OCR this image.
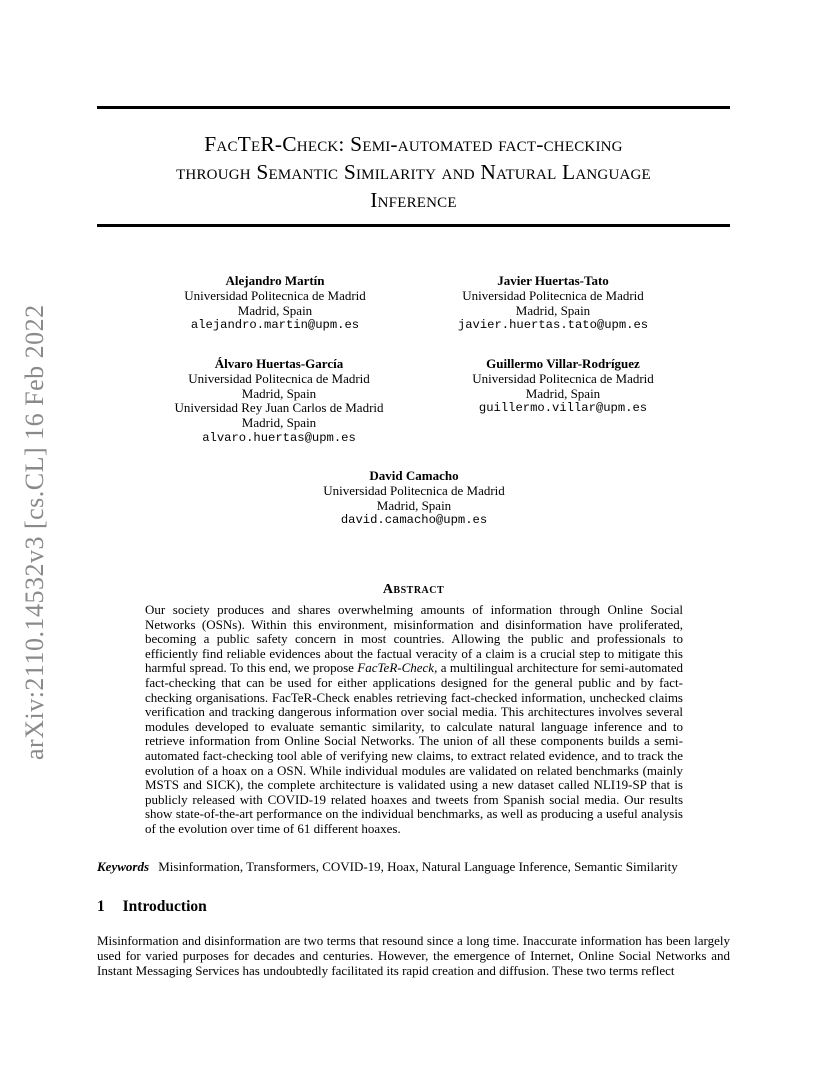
arXiv:2110.14532v3 [cs.CL] 16 Feb 2022
FacTeR-Check: Semi-automated fact-checking
through Semantic Similarity and Natural Language
Inference
Alejandro Martín
Universidad Politecnica de Madrid
Madrid, Spain
alejandro.martin@upm.es
Javier Huertas-Tato
Universidad Politecnica de Madrid
Madrid, Spain
javier.huertas.tato@upm.es
Álvaro Huertas-García
Universidad Politecnica de Madrid
Madrid, Spain
Universidad Rey Juan Carlos de Madrid
Madrid, Spain
alvaro.huertas@upm.es
Guillermo Villar-Rodríguez
Universidad Politecnica de Madrid
Madrid, Spain
guillermo.villar@upm.es
David Camacho
Universidad Politecnica de Madrid
Madrid, Spain
david.camacho@upm.es
Abstract

Our society produces and shares overwhelming amounts of information through Online Social Networks (OSNs). Within this environment, misinformation and disinformation have proliferated, becoming a public safety concern in most countries. Allowing the public and professionals to efficiently find reliable evidences about the factual veracity of a claim is a crucial step to mitigate this harmful spread. To this end, we propose FacTeR-Check, a multilingual architecture for semi-automated fact-checking that can be used for either applications designed for the general public and by fact-checking organisations. FacTeR-Check enables retrieving fact-checked information, unchecked claims verification and tracking dangerous information over social media. This architectures involves several modules developed to evaluate semantic similarity, to calculate natural language inference and to retrieve information from Online Social Networks. The union of all these components builds a semi-automated fact-checking tool able of verifying new claims, to extract related evidence, and to track the evolution of a hoax on a OSN. While individual modules are validated on related benchmarks (mainly MSTS and SICK), the complete architecture is validated using a new dataset called NLI19-SP that is publicly released with COVID-19 related hoaxes and tweets from Spanish social media. Our results show state-of-the-art performance on the individual benchmarks, as well as producing a useful analysis of the evolution over time of 61 different hoaxes.

Keywords Misinformation, Transformers, COVID-19, Hoax, Natural Language Inference, Semantic Similarity
1 Introduction

Misinformation and disinformation are two terms that resound since a long time. Inaccurate information has been largely used for varied purposes for decades and centuries. However, the emergence of Internet, Online Social Networks and Instant Messaging Services has undoubtedly facilitated its rapid creation and diffusion. These two terms reflect
